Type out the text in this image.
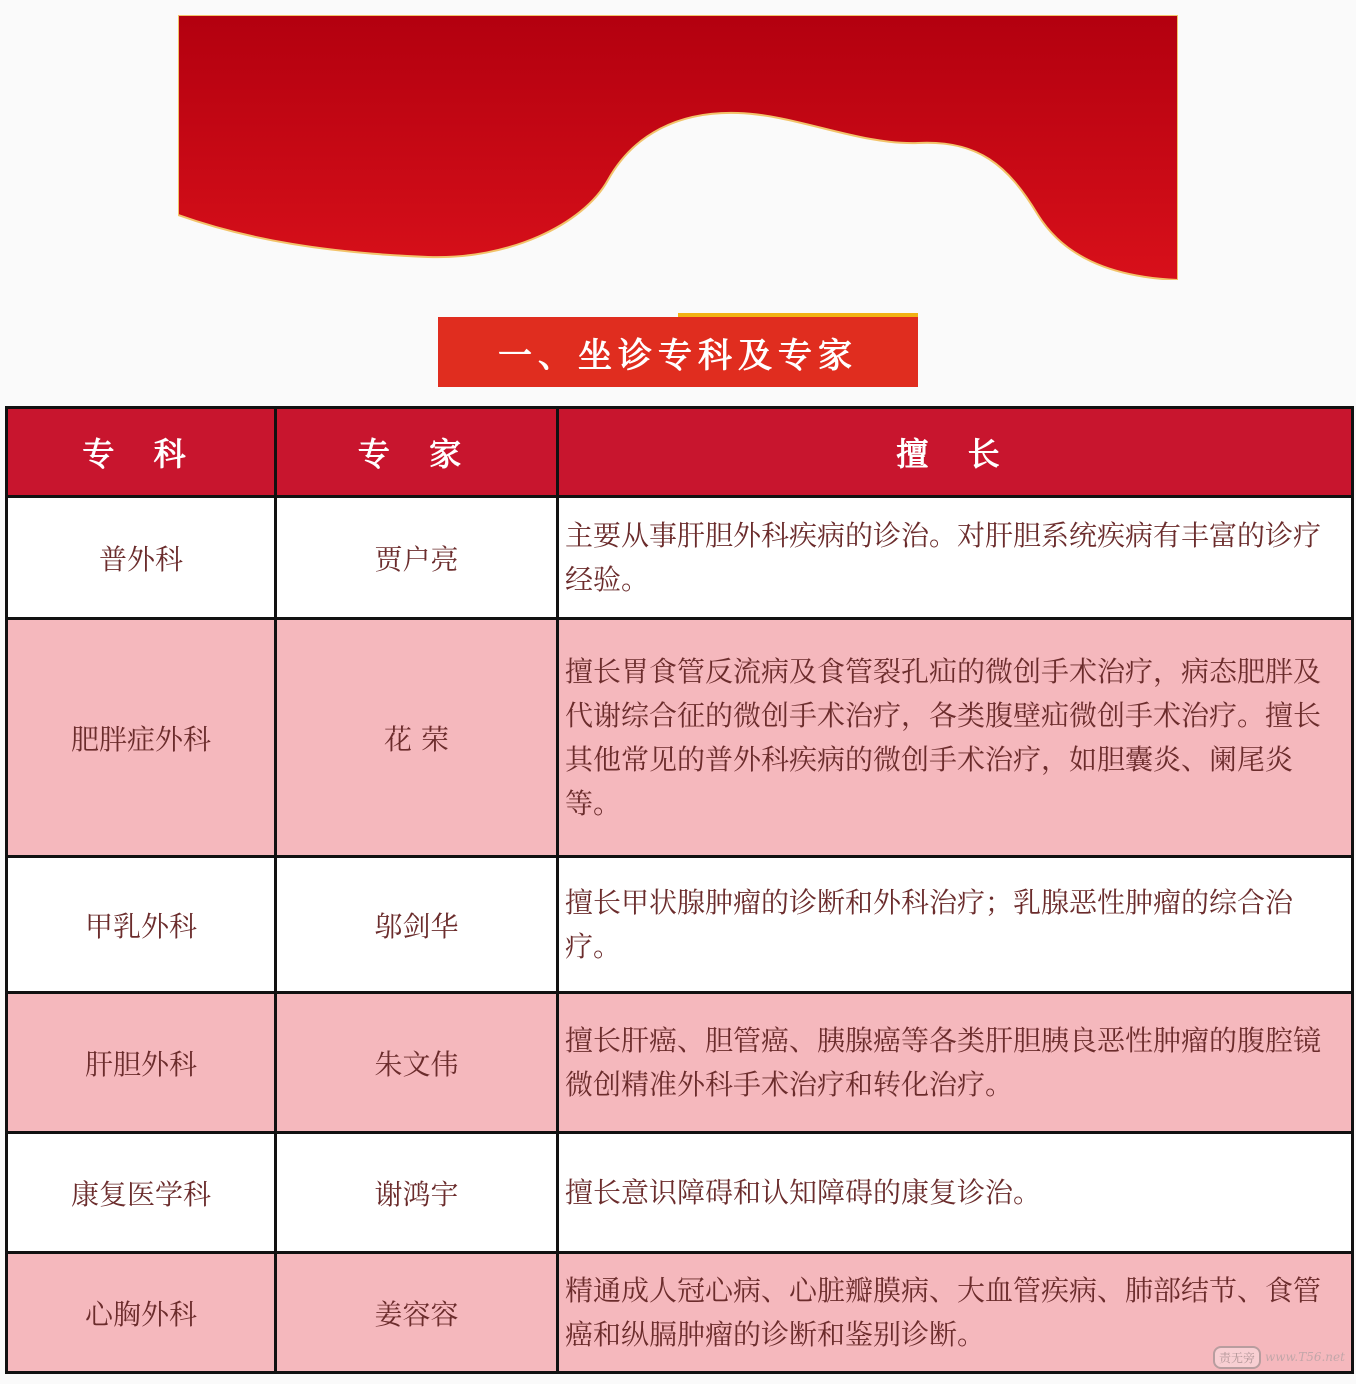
一、坐诊专科及专家
专 科	专 家	擅 长
普外科	贾户亮	主要从事肝胆外科疾病的诊治。对肝胆系统疾病有丰富的诊疗经验。
肥胖症外科	花 荣	擅长胃食管反流病及食管裂孔疝的微创手术治疗，病态肥胖及代谢综合征的微创手术治疗，各类腹壁疝微创手术治疗。擅长其他常见的普外科疾病的微创手术治疗，如胆囊炎、阑尾炎等。
甲乳外科	邬剑华	擅长甲状腺肿瘤的诊断和外科治疗；乳腺恶性肿瘤的综合治疗。
肝胆外科	朱文伟	擅长肝癌、胆管癌、胰腺癌等各类肝胆胰良恶性肿瘤的腹腔镜微创精准外科手术治疗和转化治疗。
康复医学科	谢鸿宇	擅长意识障碍和认知障碍的康复诊治。
心胸外科	姜容容	精通成人冠心病、心脏瓣膜病、大血管疾病、肺部结节、食管癌和纵膈肿瘤的诊断和鉴别诊断。
责无旁 www.T56.net
